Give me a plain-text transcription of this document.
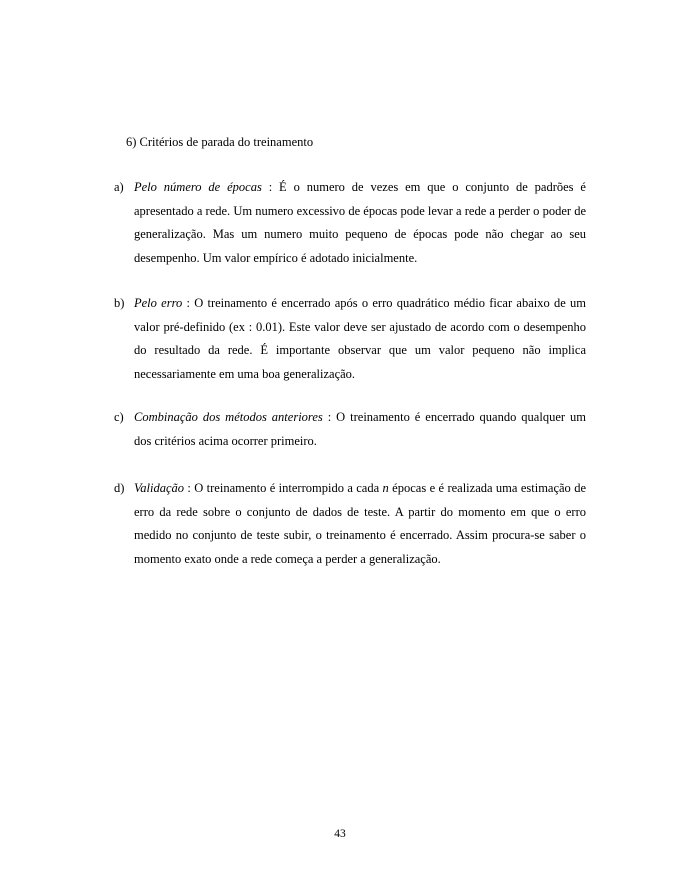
6) Critérios de parada do treinamento
a) Pelo número de épocas : É o numero de vezes em que o conjunto de padrões é apresentado a rede. Um numero excessivo de épocas pode levar a rede a perder o poder de generalização. Mas um numero muito pequeno de épocas pode não chegar ao seu desempenho. Um valor empírico é adotado inicialmente.
b) Pelo erro : O treinamento é encerrado após o erro quadrático médio ficar abaixo de um valor pré-definido (ex : 0.01). Este valor deve ser ajustado de acordo com o desempenho do resultado da rede. É importante observar que um valor pequeno não implica necessariamente em uma boa generalização.
c) Combinação dos métodos anteriores : O treinamento é encerrado quando qualquer um dos critérios acima ocorrer primeiro.
d) Validação : O treinamento é interrompido a cada n épocas e é realizada uma estimação de erro da rede sobre o conjunto de dados de teste. A partir do momento em que o erro medido no conjunto de teste subir, o treinamento é encerrado. Assim procura-se saber o momento exato onde a rede começa a perder a generalização.
43
